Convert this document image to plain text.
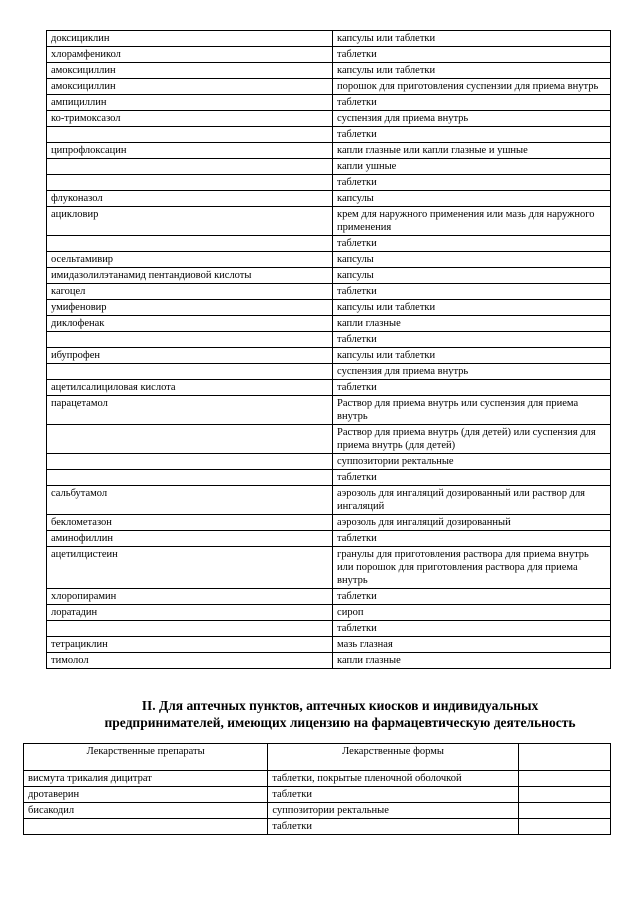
доксициклин	капсулы или таблетки
хлорамфеникол	таблетки
амоксициллин	капсулы или таблетки
амоксициллин	порошок для приготовления суспензии для приема внутрь
ампициллин	таблетки
ко-тримоксазол	суспензия для приема внутрь
	таблетки
ципрофлоксацин	капли глазные или капли глазные и ушные
	капли ушные
	таблетки
флуконазол	капсулы
ацикловир	крем для наружного применения или мазь для наружного применения
	таблетки
осельтамивир	капсулы
имидазолилэтанамид пентандиовой кислоты	капсулы
кагоцел	таблетки
умифеновир	капсулы или таблетки
диклофенак	капли глазные
	таблетки
ибупрофен	капсулы или таблетки
	суспензия для приема внутрь
ацетилсалициловая кислота	таблетки
парацетамол	Раствор для приема внутрь или суспензия для приема внутрь
	Раствор для приема внутрь (для детей) или суспензия для приема внутрь (для детей)
	суппозитории ректальные
	таблетки
сальбутамол	аэрозоль для ингаляций дозированный или раствор для ингаляций
беклометазон	аэрозоль для ингаляций дозированный
аминофиллин	таблетки
ацетилцистеин	гранулы для приготовления раствора для приема внутрь или порошок для приготовления раствора для приема внутрь
хлоропирамин	таблетки
лоратадин	сироп
	таблетки
тетрациклин	мазь глазная
тимолол	капли глазные
II. Для аптечных пунктов, аптечных киосков и индивидуальных предпринимателей, имеющих лицензию на фармацевтическую деятельность
Лекарственные препараты	Лекарственные формы	
висмута трикалия дицитрат	таблетки, покрытые пленочной оболочкой	
дротаверин	таблетки	
бисакодил	суппозитории ректальные	
	таблетки	
